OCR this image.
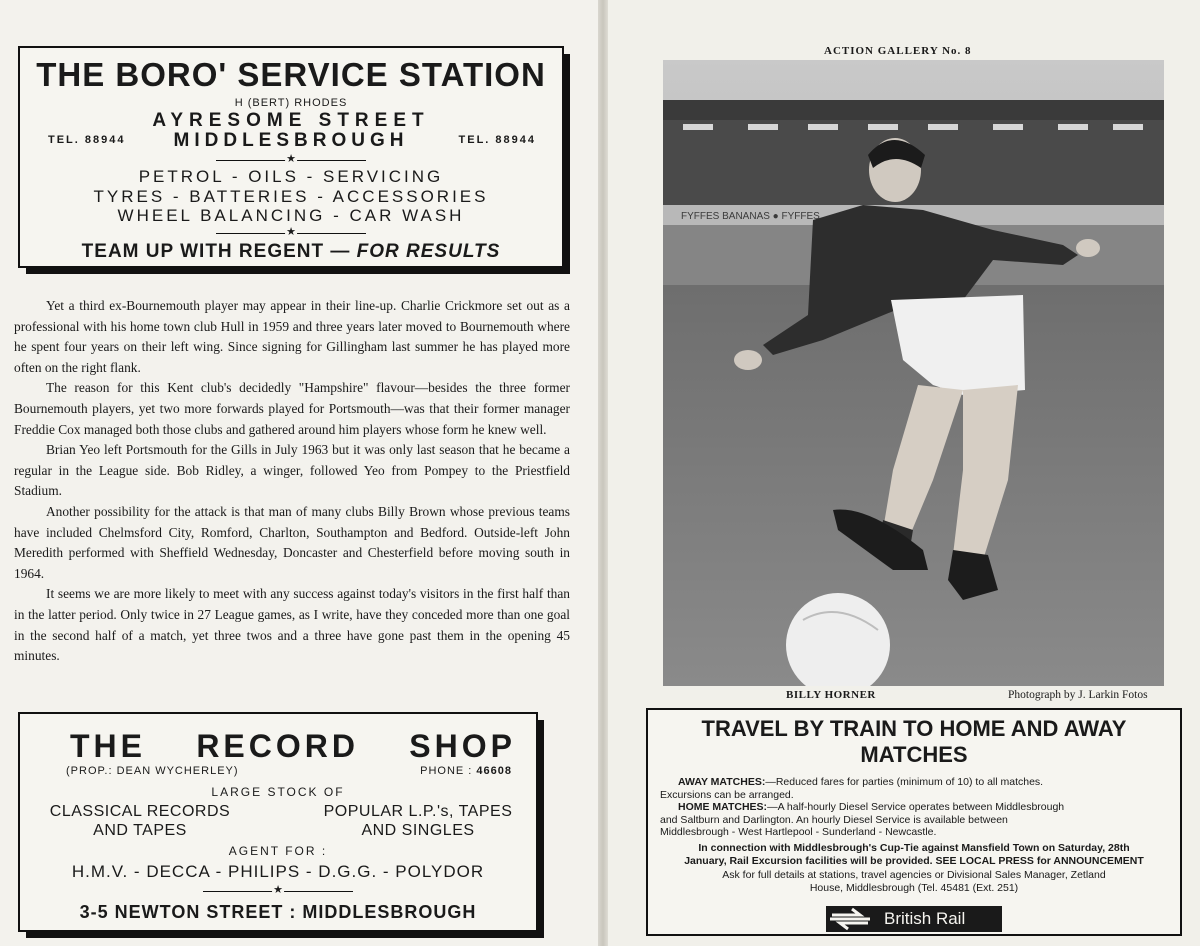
THE BORO' SERVICE STATION
H (BERT) RHODES
AYRESOME STREET
TEL. 88944	MIDDLESBROUGH	TEL. 88944
★
PETROL - OILS - SERVICING
TYRES - BATTERIES - ACCESSORIES
WHEEL BALANCING - CAR WASH
★
TEAM UP WITH REGENT — FOR RESULTS

Yet a third ex-Bournemouth player may appear in their line-up. Charlie Crickmore set out as a professional with his home town club Hull in 1959 and three years later moved to Bournemouth where he spent four years on their left wing. Since signing for Gillingham last summer he has played more often on the right flank.

The reason for this Kent club's decidedly "Hampshire" flavour—besides the three former Bournemouth players, yet two more forwards played for Portsmouth—was that their former manager Freddie Cox managed both those clubs and gathered around him players whose form he knew well.

Brian Yeo left Portsmouth for the Gills in July 1963 but it was only last season that he became a regular in the League side. Bob Ridley, a winger, followed Yeo from Pompey to the Priestfield Stadium.

Another possibility for the attack is that man of many clubs Billy Brown whose previous teams have included Chelmsford City, Romford, Charlton, Southampton and Bedford. Outside-left John Meredith performed with Sheffield Wednesday, Doncaster and Chesterfield before moving south in 1964.

It seems we are more likely to meet with any success against today's visitors in the first half than in the latter period. Only twice in 27 League games, as I write, have they conceded more than one goal in the second half of a match, yet three twos and a three have gone past them in the opening 45 minutes.

THE RECORD SHOP
(PROP.: DEAN WYCHERLEY)	PHONE : 46608
LARGE STOCK OF
CLASSICAL RECORDS AND TAPES
POPULAR L.P.'s, TAPES AND SINGLES
AGENT FOR :
H.M.V. - DECCA - PHILIPS - D.G.G. - POLYDOR
★
3-5 NEWTON STREET : MIDDLESBROUGH
ACTION GALLERY No. 8
FYFFES BANANAS ● FYFFES
BILLY HORNER	Photograph by J. Larkin Fotos
TRAVEL BY TRAIN TO HOME AND AWAY MATCHES
AWAY MATCHES:—Reduced fares for parties (minimum of 10) to all matches.
Excursions can be arranged.
HOME MATCHES:—A half-hourly Diesel Service operates between Middlesbrough
and Saltburn and Darlington. An hourly Diesel Service is available between
Middlesbrough - West Hartlepool - Sunderland - Newcastle.
In connection with Middlesbrough's Cup-Tie against Mansfield Town on Saturday, 28th
January, Rail Excursion facilities will be provided. SEE LOCAL PRESS for ANNOUNCEMENT
Ask for full details at stations, travel agencies or Divisional Sales Manager, Zetland
House, Middlesbrough (Tel. 45481 (Ext. 251)
British Rail
